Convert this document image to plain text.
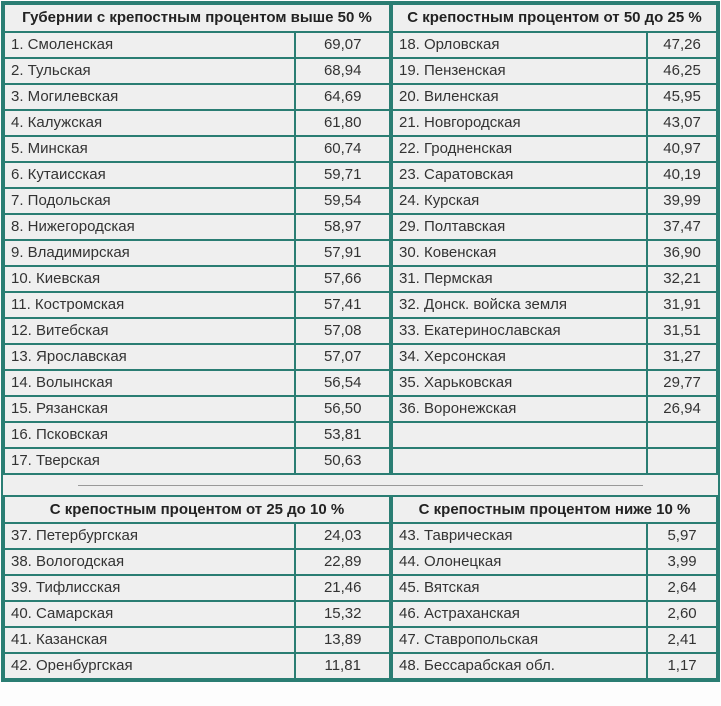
Губернии с крепостным процентом выше 50 %	
1. Смоленская	69,07
2. Тульская	68,94
3. Могилевская	64,69
4. Калужская	61,80
5. Минская	60,74
6. Кутаисская	59,71
7. Подольская	59,54
8. Нижегородская	58,97
9. Владимирская	57,91
10. Киевская	57,66
11. Костромская	57,41
12. Витебская	57,08
13. Ярославская	57,07
14. Волынская	56,54
15. Рязанская	56,50
16. Псковская	53,81
17. Тверская	50,63
С крепостным процентом от 50 до 25 %	
18. Орловская	47,26
19. Пензенская	46,25
20. Виленская	45,95
21. Новгородская	43,07
22. Гродненская	40,97
23. Саратовская	40,19
24. Курская	39,99
29. Полтавская	37,47
30. Ковенская	36,90
31. Пермская	32,21
32. Донск. войска земля	31,91
33. Екатеринославская	31,51
34. Херсонская	31,27
35. Харьковская	29,77
36. Воронежская	26,94

С крепостным процентом от 25 до 10 %	
37. Петербургская	24,03
38. Вологодская	22,89
39. Тифлисская	21,46
40. Самарская	15,32
41. Казанская	13,89
42. Оренбургская	11,81
С крепостным процентом ниже 10 %	
43. Таврическая	5,97
44. Олонецкая	3,99
45. Вятская	2,64
46. Астраханская	2,60
47. Ставропольская	2,41
48. Бессарабская обл.	1,17
